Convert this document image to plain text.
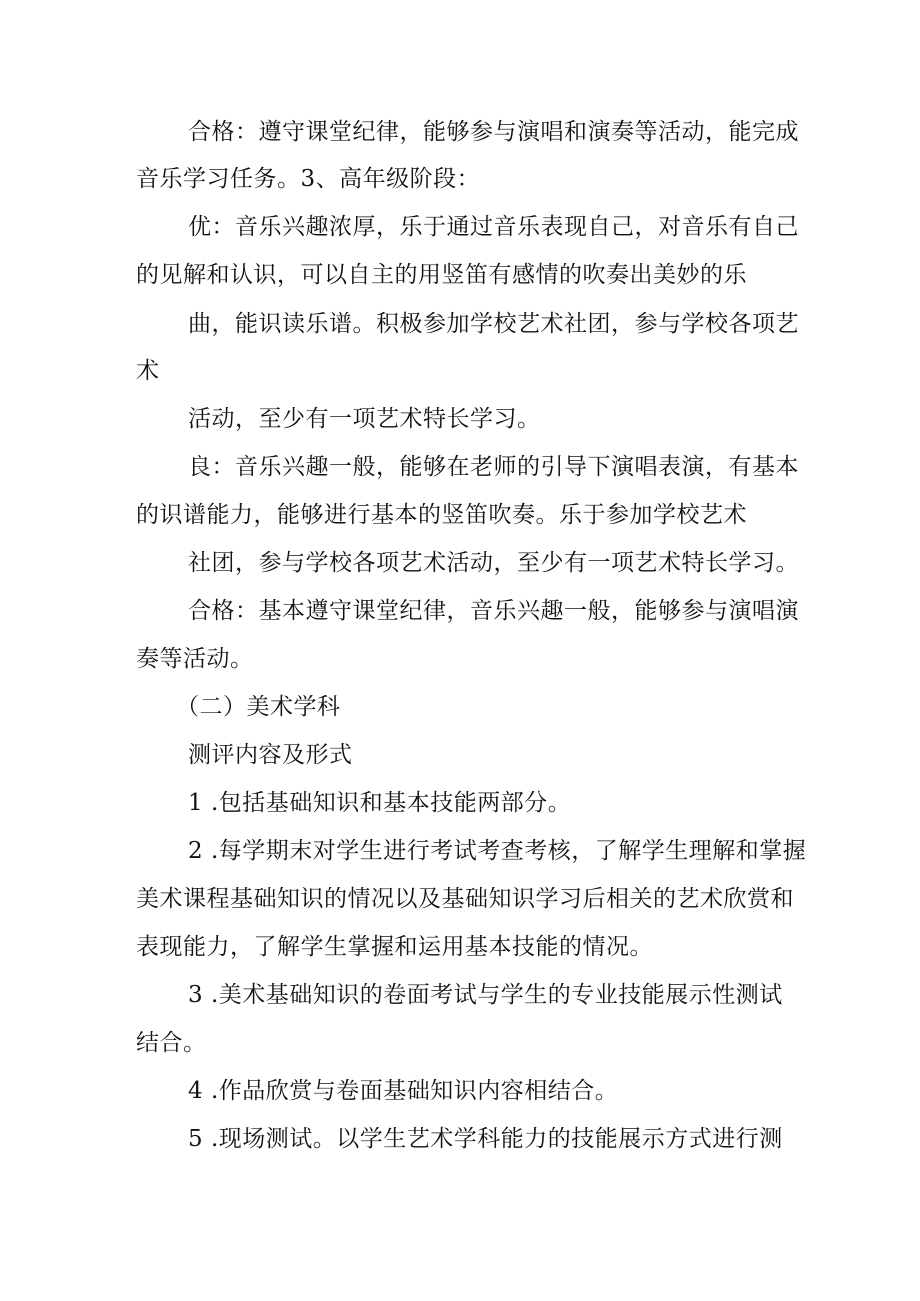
合格：遵守课堂纪律，能够参与演唱和演奏等活动，能完成
音乐学习任务。3、高年级阶段：
优：音乐兴趣浓厚，乐于通过音乐表现自己，对音乐有自己
的见解和认识，可以自主的用竖笛有感情的吹奏出美妙的乐
曲，能识读乐谱。积极参加学校艺术社团，参与学校各项艺
术
活动，至少有一项艺术特长学习。
良：音乐兴趣一般，能够在老师的引导下演唱表演，有基本
的识谱能力，能够进行基本的竖笛吹奏。乐于参加学校艺术
社团，参与学校各项艺术活动，至少有一项艺术特长学习。
合格：基本遵守课堂纪律，音乐兴趣一般，能够参与演唱演
奏等活动。
（二）美术学科
测评内容及形式
1 .包括基础知识和基本技能两部分。
2 .每学期末对学生进行考试考查考核，了解学生理解和掌握
美术课程基础知识的情况以及基础知识学习后相关的艺术欣赏和
表现能力，了解学生掌握和运用基本技能的情况。
3 .美术基础知识的卷面考试与学生的专业技能展示性测试
结合。
4 .作品欣赏与卷面基础知识内容相结合。
5 .现场测试。以学生艺术学科能力的技能展示方式进行测
